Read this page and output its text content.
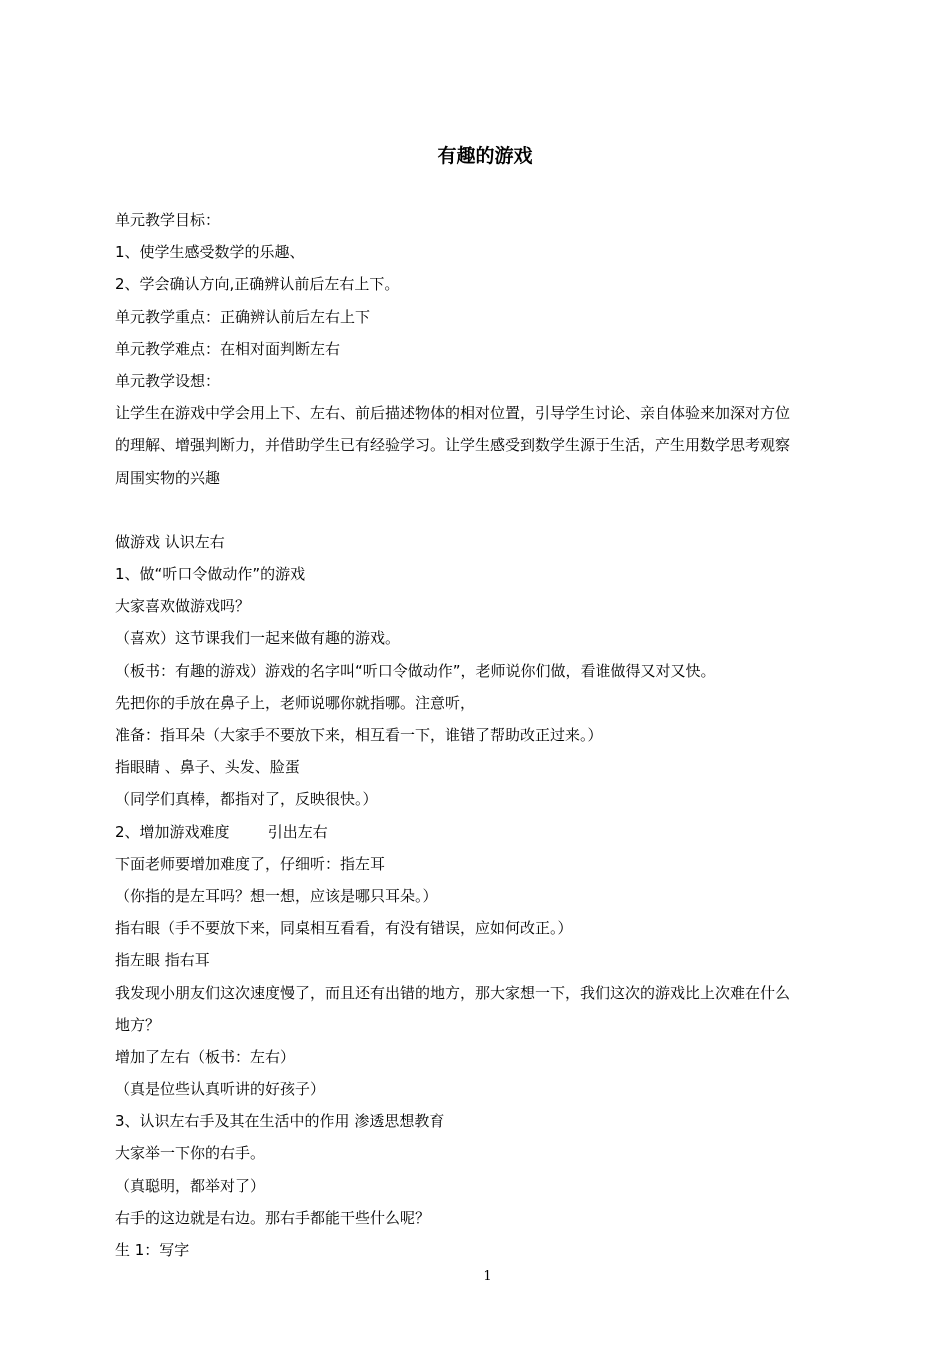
有趣的游戏
单元教学目标：
1、使学生感受数学的乐趣、
2、学会确认方向,正确辨认前后左右上下。
单元教学重点：正确辨认前后左右上下
单元教学难点：在相对面判断左右
单元教学设想：
让学生在游戏中学会用上下、左右、前后描述物体的相对位置，引导学生讨论、亲自体验来加深对方位
的理解、增强判断力，并借助学生已有经验学习。让学生感受到数学生源于生活，产生用数学思考观察
周围实物的兴趣
做游戏 认识左右
1、做“听口令做动作”的游戏
大家喜欢做游戏吗？
（喜欢）这节课我们一起来做有趣的游戏。
（板书：有趣的游戏）游戏的名字叫“听口令做动作”，老师说你们做，看谁做得又对又快。
先把你的手放在鼻子上，老师说哪你就指哪。注意听，
准备：指耳朵（大家手不要放下来，相互看一下，谁错了帮助改正过来。）
指眼睛 、鼻子、头发、脸蛋
（同学们真棒，都指对了，反映很快。）
2、增加游戏难度        引出左右
下面老师要增加难度了，仔细听：指左耳
（你指的是左耳吗？想一想，应该是哪只耳朵。）
指右眼（手不要放下来，同桌相互看看，有没有错误，应如何改正。）
指左眼 指右耳
我发现小朋友们这次速度慢了，而且还有出错的地方，那大家想一下，我们这次的游戏比上次难在什么
地方？
增加了左右（板书：左右）
（真是位些认真听讲的好孩子）
3、认识左右手及其在生活中的作用 渗透思想教育
大家举一下你的右手。
（真聪明，都举对了）
右手的这边就是右边。那右手都能干些什么呢？
生 1：写字
1
